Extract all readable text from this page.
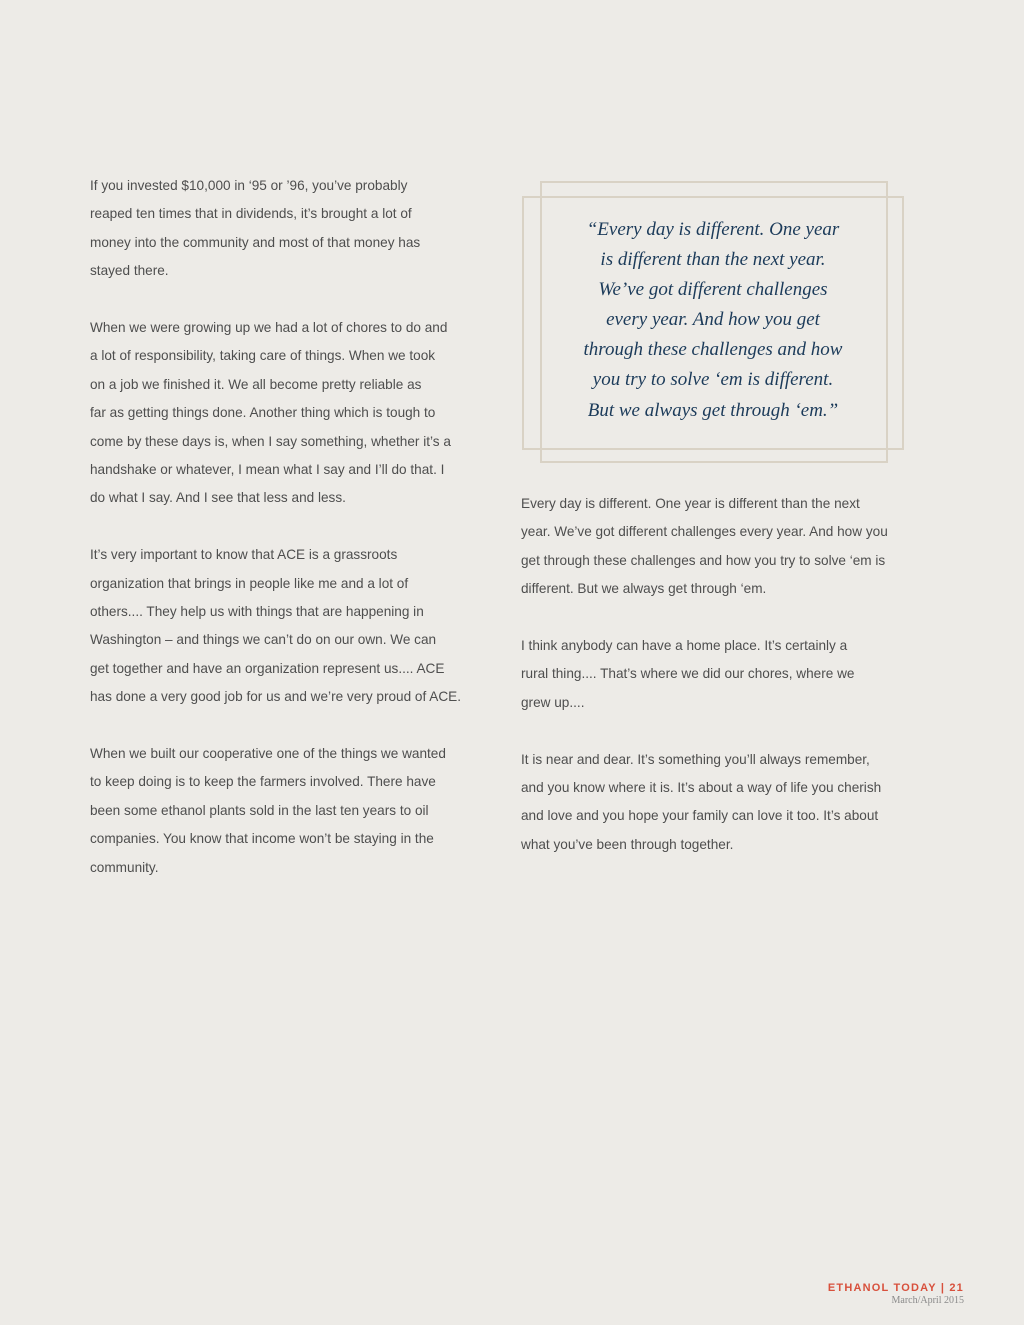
If you invested $10,000 in ‘95 or ’96, you’ve probably
reaped ten times that in dividends, it’s brought a lot of
money into the community and most of that money has
stayed there.

When we were growing up we had a lot of chores to do and
a lot of responsibility, taking care of things. When we took
on a job we finished it. We all become pretty reliable as
far as getting things done. Another thing which is tough to
come by these days is, when I say something, whether it’s a
handshake or whatever, I mean what I say and I’ll do that. I
do what I say. And I see that less and less.

It’s very important to know that ACE is a grassroots
organization that brings in people like me and a lot of
others.... They help us with things that are happening in
Washington – and things we can’t do on our own. We can
get together and have an organization represent us.... ACE
has done a very good job for us and we’re very proud of ACE.

When we built our cooperative one of the things we wanted
to keep doing is to keep the farmers involved. There have
been some ethanol plants sold in the last ten years to oil
companies. You know that income won’t be staying in the
community.

“Every day is different. One year
is different than the next year.
We’ve got different challenges
every year. And how you get
through these challenges and how
you try to solve ‘em is different.
But we always get through ‘em.”

Every day is different. One year is different than the next
year. We’ve got different challenges every year. And how you
get through these challenges and how you try to solve ‘em is
different. But we always get through ‘em.

I think anybody can have a home place. It’s certainly a
rural thing.... That’s where we did our chores, where we
grew up....

It is near and dear. It’s something you’ll always remember,
and you know where it is. It’s about a way of life you cherish
and love and you hope your family can love it too. It’s about
what you’ve been through together.

ETHANOL TODAY | 21
March/April 2015
